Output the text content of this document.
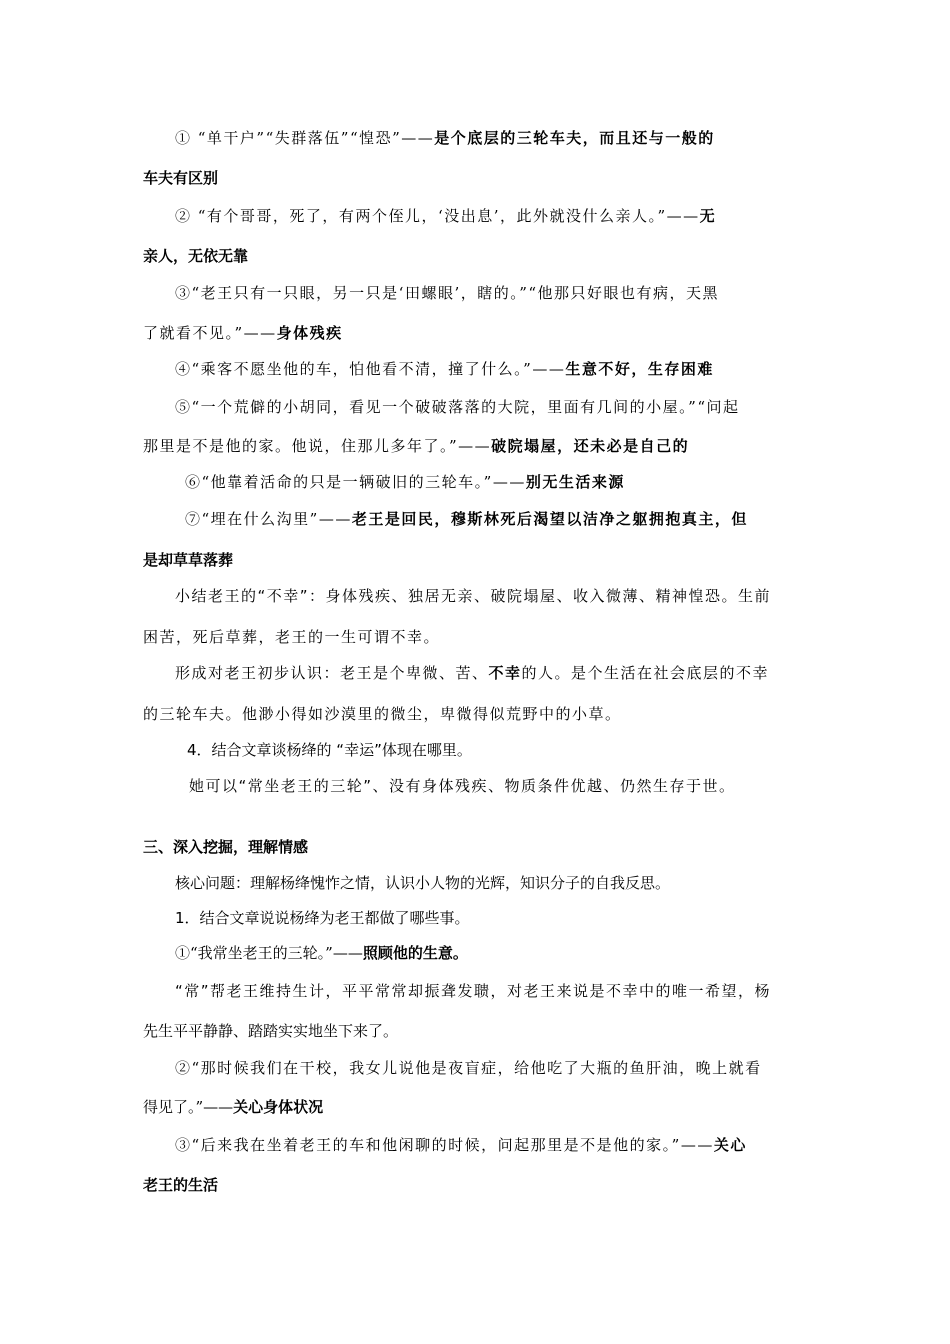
① “单干户”“失群落伍”“惶恐”——是个底层的三轮车夫，而且还与一般的
车夫有区别
② “有个哥哥，死了，有两个侄儿，‘没出息’，此外就没什么亲人。”——无
亲人，无依无靠
③“老王只有一只眼，另一只是‘田螺眼’，瞎的。”“他那只好眼也有病，天黑
了就看不见。”——身体残疾
④“乘客不愿坐他的车，怕他看不清，撞了什么。”——生意不好，生存困难
⑤“一个荒僻的小胡同，看见一个破破落落的大院，里面有几间的小屋。”“问起
那里是不是他的家。他说，住那儿多年了。”——破院塌屋，还未必是自己的
⑥“他靠着活命的只是一辆破旧的三轮车。”——别无生活来源
⑦“埋在什么沟里”——老王是回民，穆斯林死后渴望以洁净之躯拥抱真主，但
是却草草落葬
小结老王的“不幸”：身体残疾、独居无亲、破院塌屋、收入微薄、精神惶恐。生前
困苦，死后草葬，老王的一生可谓不幸。
形成对老王初步认识：老王是个卑微、苦、不幸的人。是个生活在社会底层的不幸
的三轮车夫。他渺小得如沙漠里的微尘，卑微得似荒野中的小草。
4．结合文章谈杨绛的 “幸运”体现在哪里。
她可以“常坐老王的三轮”、没有身体残疾、物质条件优越、仍然生存于世。
三、深入挖掘，理解情感
核心问题：理解杨绛愧怍之情，认识小人物的光辉，知识分子的自我反思。
1．结合文章说说杨绛为老王都做了哪些事。
①“我常坐老王的三轮。”——照顾他的生意。
“常”帮老王维持生计，平平常常却振聋发聩，对老王来说是不幸中的唯一希望，杨
先生平平静静、踏踏实实地坐下来了。
②“那时候我们在干校，我女儿说他是夜盲症，给他吃了大瓶的鱼肝油，晚上就看
得见了。”——关心身体状况
③“后来我在坐着老王的车和他闲聊的时候，问起那里是不是他的家。”——关心
老王的生活
